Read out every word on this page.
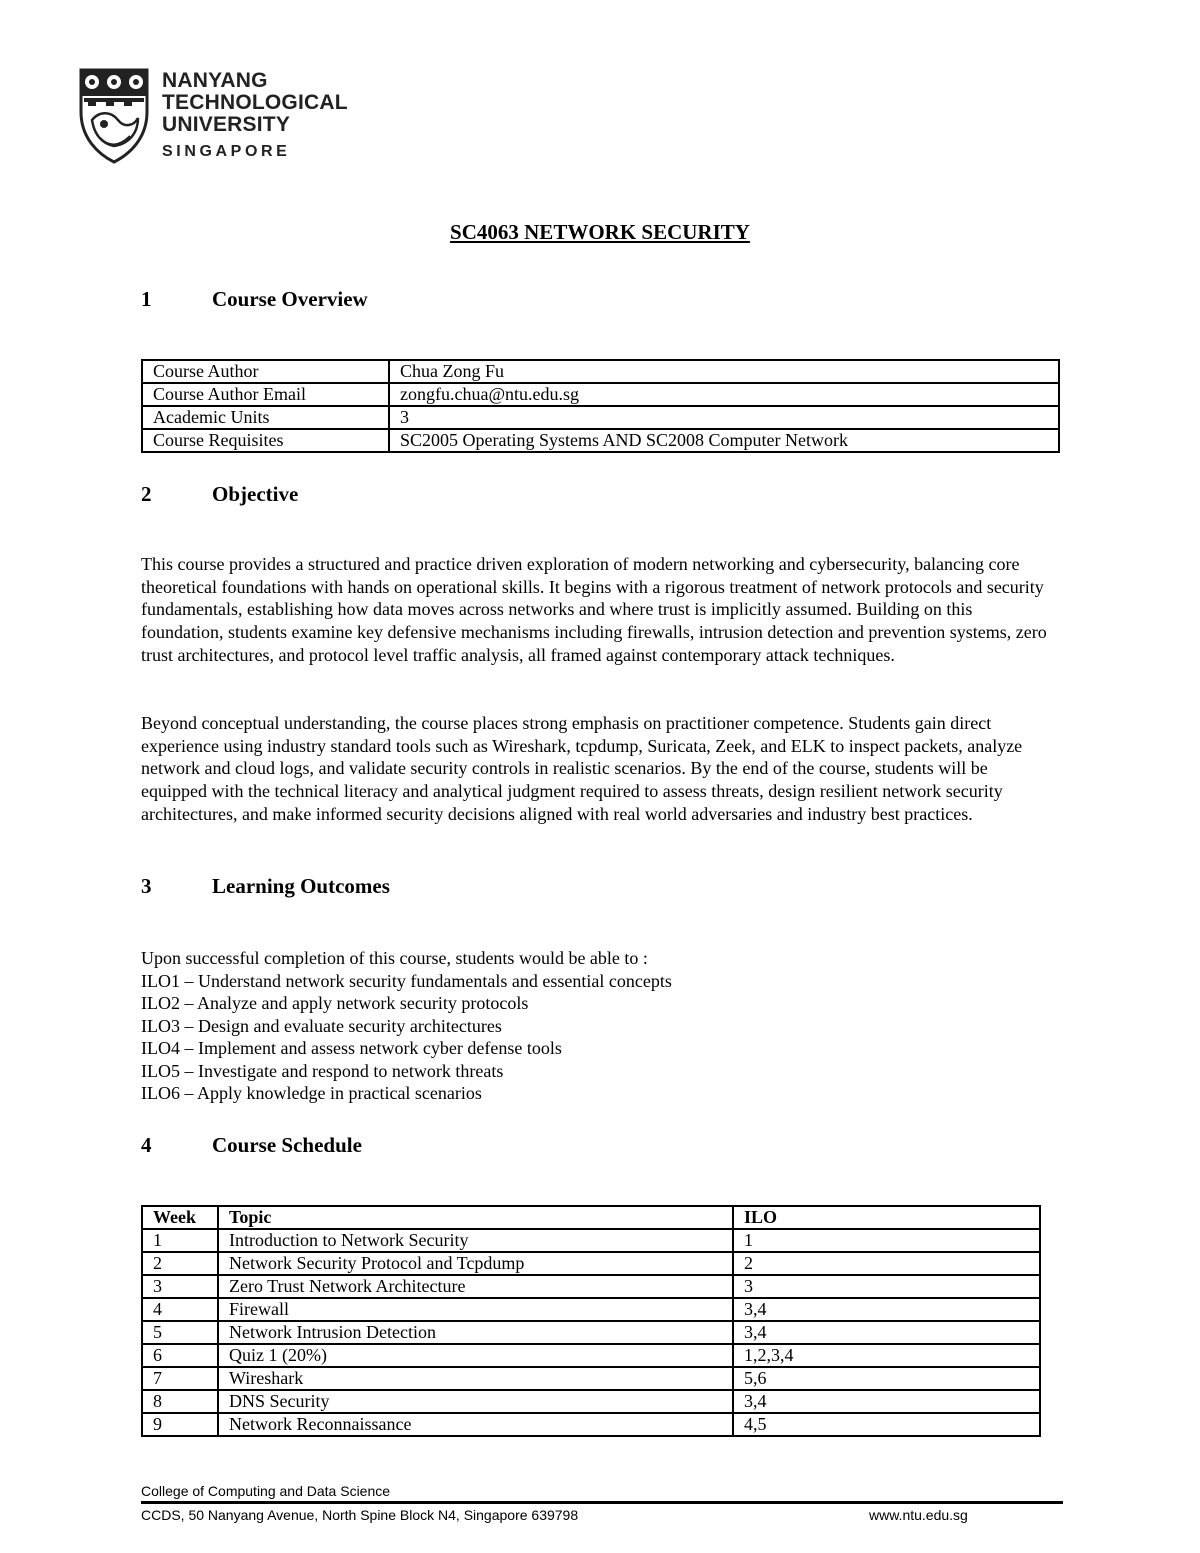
NANYANG
TECHNOLOGICAL
UNIVERSITY
SINGAPORE
SC4063 NETWORK SECURITY
1	Course Overview
Course Author	Chua Zong Fu
Course Author Email	zongfu.chua@ntu.edu.sg
Academic Units	3
Course Requisites	SC2005 Operating Systems AND SC2008 Computer Network
2	Objective
This course provides a structured and practice driven exploration of modern networking and cybersecurity, balancing core theoretical foundations with hands on operational skills. It begins with a rigorous treatment of network protocols and security fundamentals, establishing how data moves across networks and where trust is implicitly assumed. Building on this foundation, students examine key defensive mechanisms including firewalls, intrusion detection and prevention systems, zero trust architectures, and protocol level traffic analysis, all framed against contemporary attack techniques.
Beyond conceptual understanding, the course places strong emphasis on practitioner competence. Students gain direct experience using industry standard tools such as Wireshark, tcpdump, Suricata, Zeek, and ELK to inspect packets, analyze network and cloud logs, and validate security controls in realistic scenarios. By the end of the course, students will be equipped with the technical literacy and analytical judgment required to assess threats, design resilient network security architectures, and make informed security decisions aligned with real world adversaries and industry best practices.
3	Learning Outcomes
Upon successful completion of this course, students would be able to :
ILO1 – Understand network security fundamentals and essential concepts
ILO2 – Analyze and apply network security protocols
ILO3 – Design and evaluate security architectures
ILO4 – Implement and assess network cyber defense tools
ILO5 – Investigate and respond to network threats
ILO6 – Apply knowledge in practical scenarios
4	Course Schedule
Week	Topic	ILO
1	Introduction to Network Security	1
2	Network Security Protocol and Tcpdump	2
3	Zero Trust Network Architecture	3
4	Firewall	3,4
5	Network Intrusion Detection	3,4
6	Quiz 1 (20%)	1,2,3,4
7	Wireshark	5,6
8	DNS Security	3,4
9	Network Reconnaissance	4,5
College of Computing and Data Science
CCDS, 50 Nanyang Avenue, North Spine Block N4, Singapore 639798	www.ntu.edu.sg
